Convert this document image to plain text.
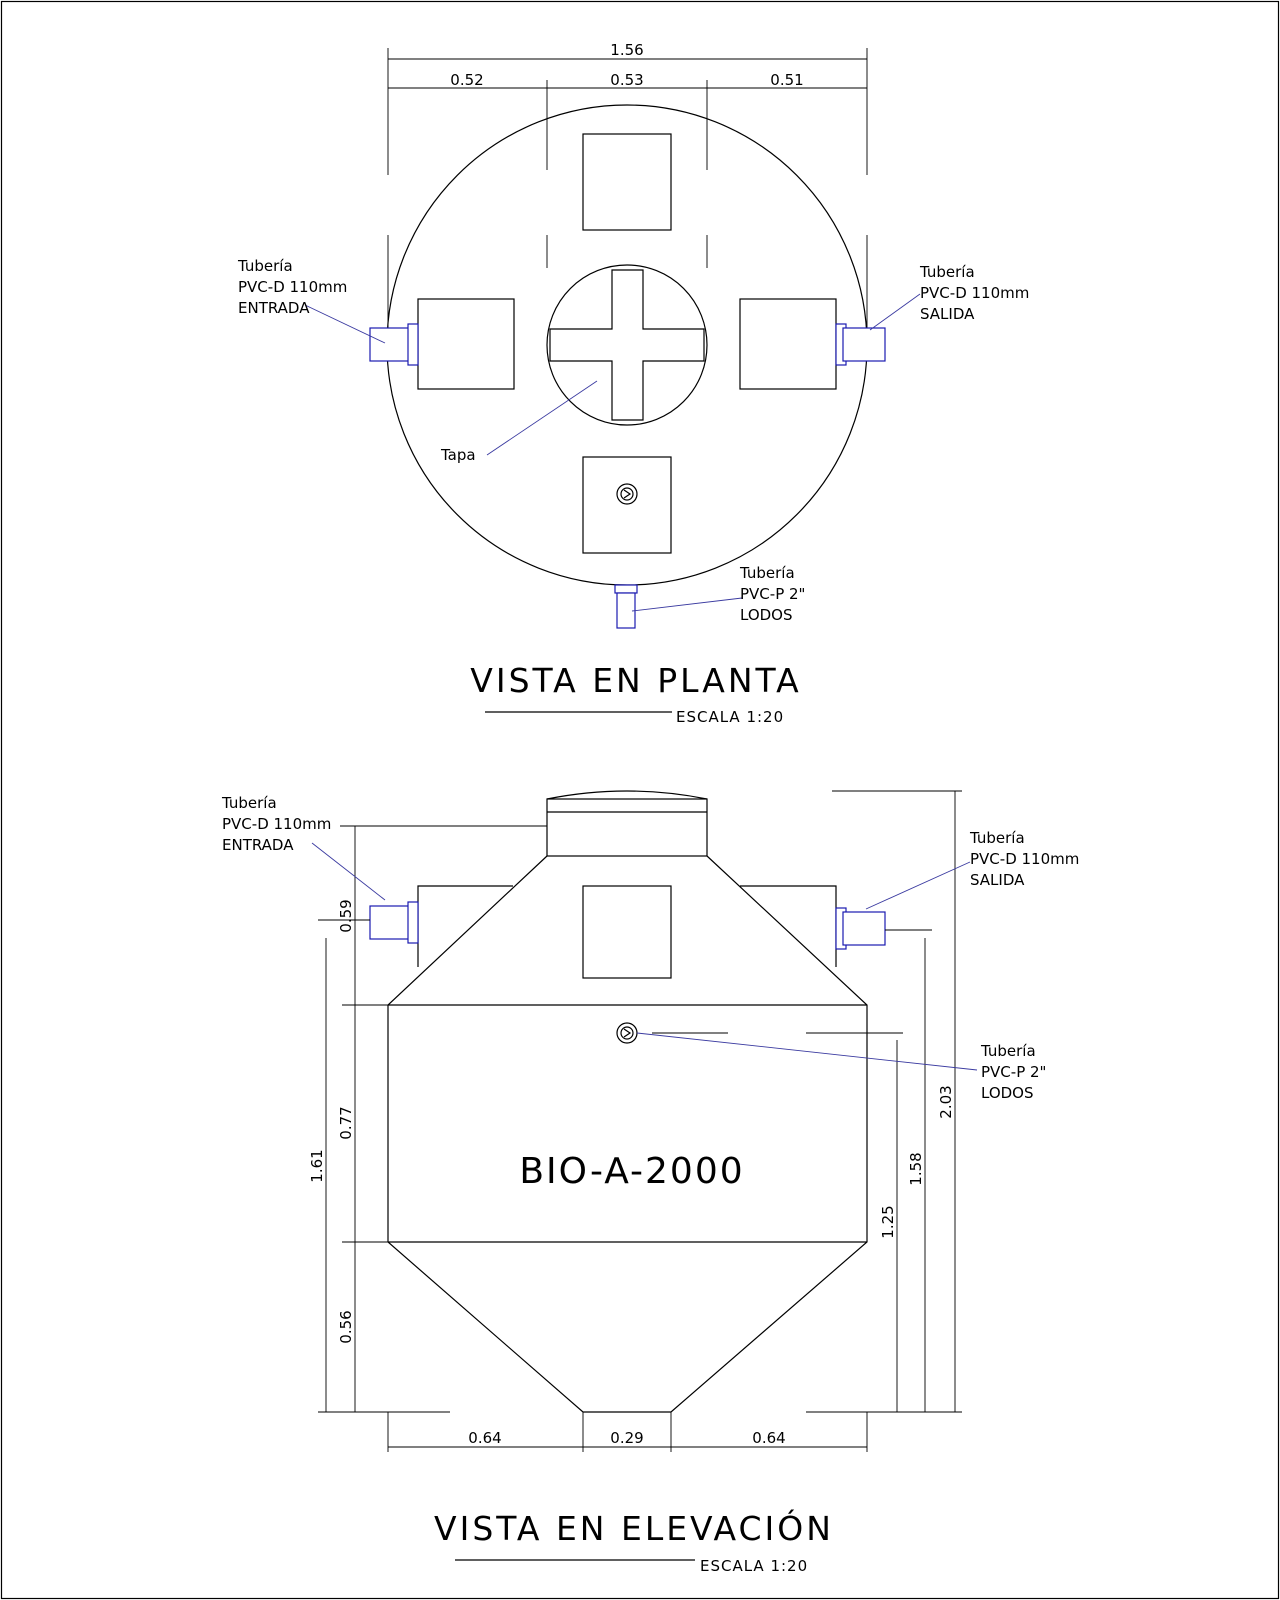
1.56
0.52	0.53	0.51
Tubería
PVC-D 110mm
ENTRADA
Tubería
PVC-D 110mm
SALIDA
Tapa
Tubería
PVC-P 2"
LODOS
VISTA EN PLANTA
ESCALA 1:20
BIO-A-2000
0.59
0.77
0.56
1.61
1.25
1.58
2.03
0.64	0.29	0.64
Tubería
PVC-D 110mm
ENTRADA	Tubería
PVC-D 110mm
SALIDA
Tubería
PVC-P 2"
LODOS
VISTA EN ELEVACIÓN
ESCALA 1:20
